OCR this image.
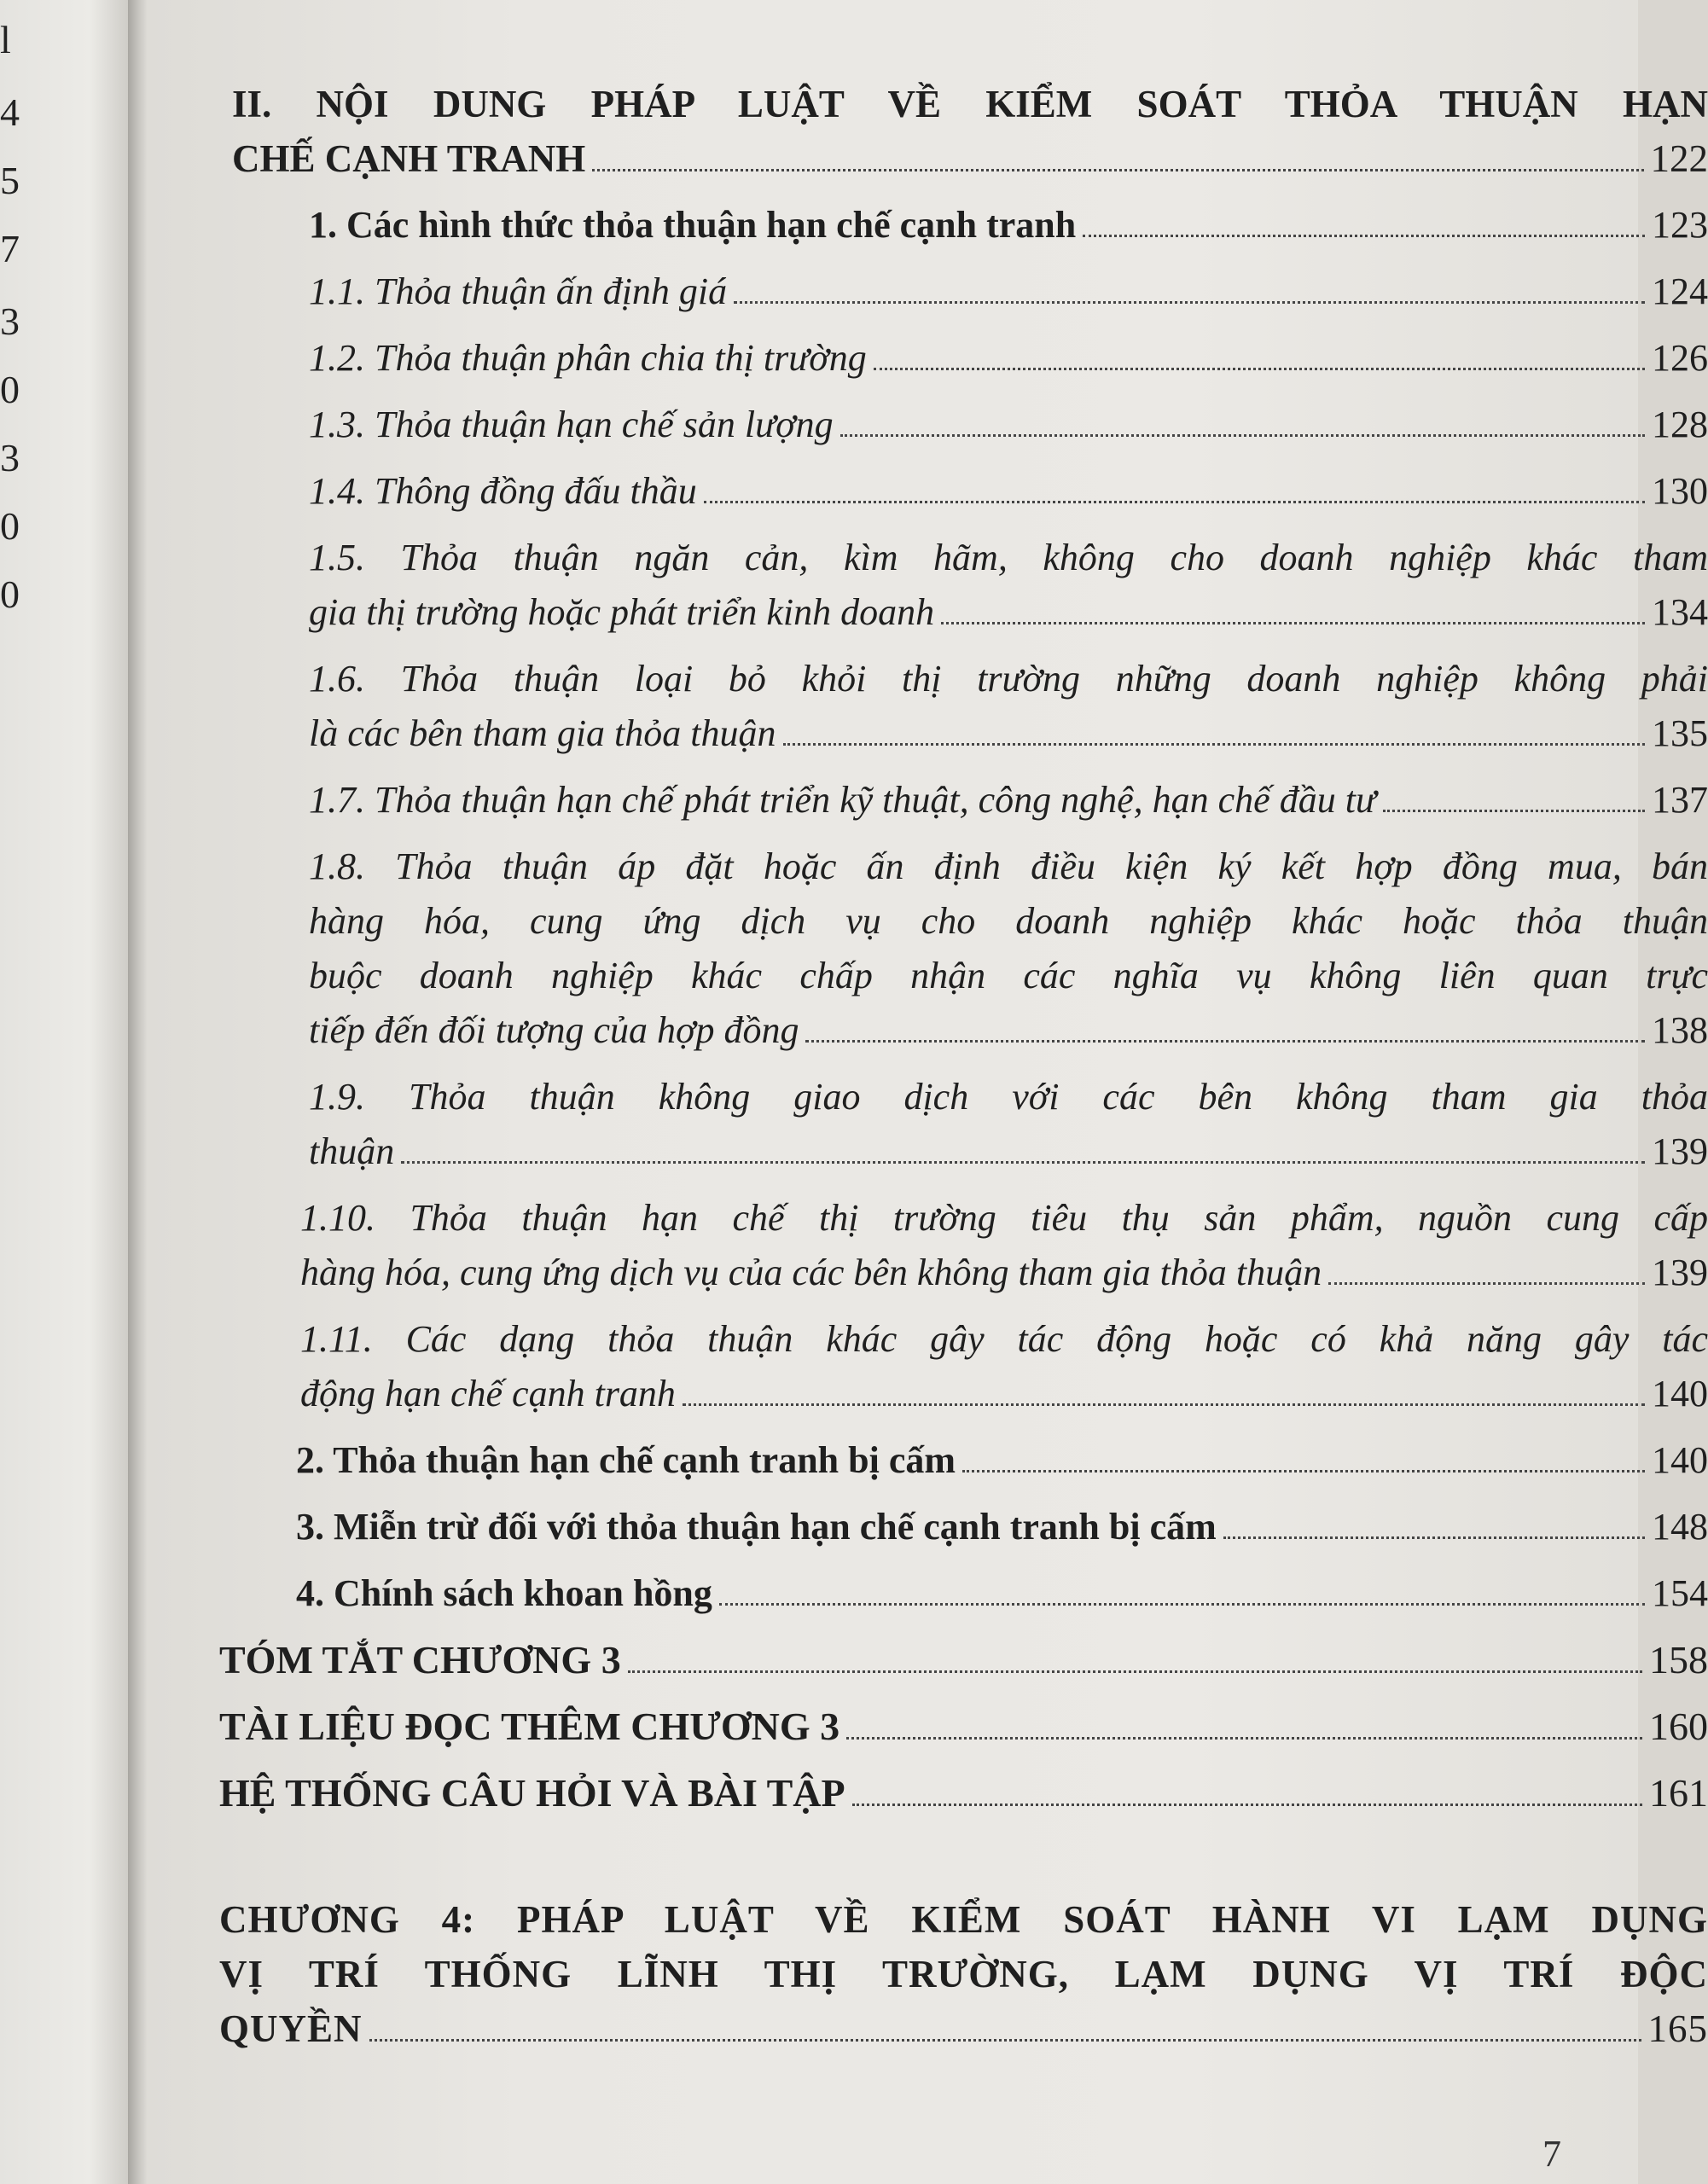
l
4
5
7
3
0
3
0
0
II. NỘI DUNG PHÁP LUẬT VỀ KIỂM SOÁT THỎA THUẬN HẠN
CHẾ CẠNH TRANH	122
1. Các hình thức thỏa thuận hạn chế cạnh tranh	123
1.1. Thỏa thuận ấn định giá	124
1.2. Thỏa thuận phân chia thị trường	126
1.3. Thỏa thuận hạn chế sản lượng	128
1.4. Thông đồng đấu thầu	130
1.5. Thỏa thuận ngăn cản, kìm hãm, không cho doanh nghiệp khác tham
gia thị trường hoặc phát triển kinh doanh	134
1.6. Thỏa thuận loại bỏ khỏi thị trường những doanh nghiệp không phải
là các bên tham gia thỏa thuận	135
1.7. Thỏa thuận hạn chế phát triển kỹ thuật, công nghệ, hạn chế đầu tư	137
1.8. Thỏa thuận áp đặt hoặc ấn định điều kiện ký kết hợp đồng mua, bán
hàng hóa, cung ứng dịch vụ cho doanh nghiệp khác hoặc thỏa thuận
buộc doanh nghiệp khác chấp nhận các nghĩa vụ không liên quan trực
tiếp đến đối tượng của hợp đồng	138
1.9. Thỏa thuận không giao dịch với các bên không tham gia thỏa
thuận	139
1.10. Thỏa thuận hạn chế thị trường tiêu thụ sản phẩm, nguồn cung cấp
hàng hóa, cung ứng dịch vụ của các bên không tham gia thỏa thuận	139
1.11. Các dạng thỏa thuận khác gây tác động hoặc có khả năng gây tác
động hạn chế cạnh tranh	140
2. Thỏa thuận hạn chế cạnh tranh bị cấm	140
3. Miễn trừ đối với thỏa thuận hạn chế cạnh tranh bị cấm	148
4. Chính sách khoan hồng	154
TÓM TẮT CHƯƠNG 3	158
TÀI LIỆU ĐỌC THÊM CHƯƠNG 3	160
HỆ THỐNG CÂU HỎI VÀ BÀI TẬP	161
CHƯƠNG 4: PHÁP LUẬT VỀ KIỂM SOÁT HÀNH VI LẠM DỤNG
VỊ TRÍ THỐNG LĨNH THỊ TRƯỜNG, LẠM DỤNG VỊ TRÍ ĐỘC
QUYỀN	165
7
